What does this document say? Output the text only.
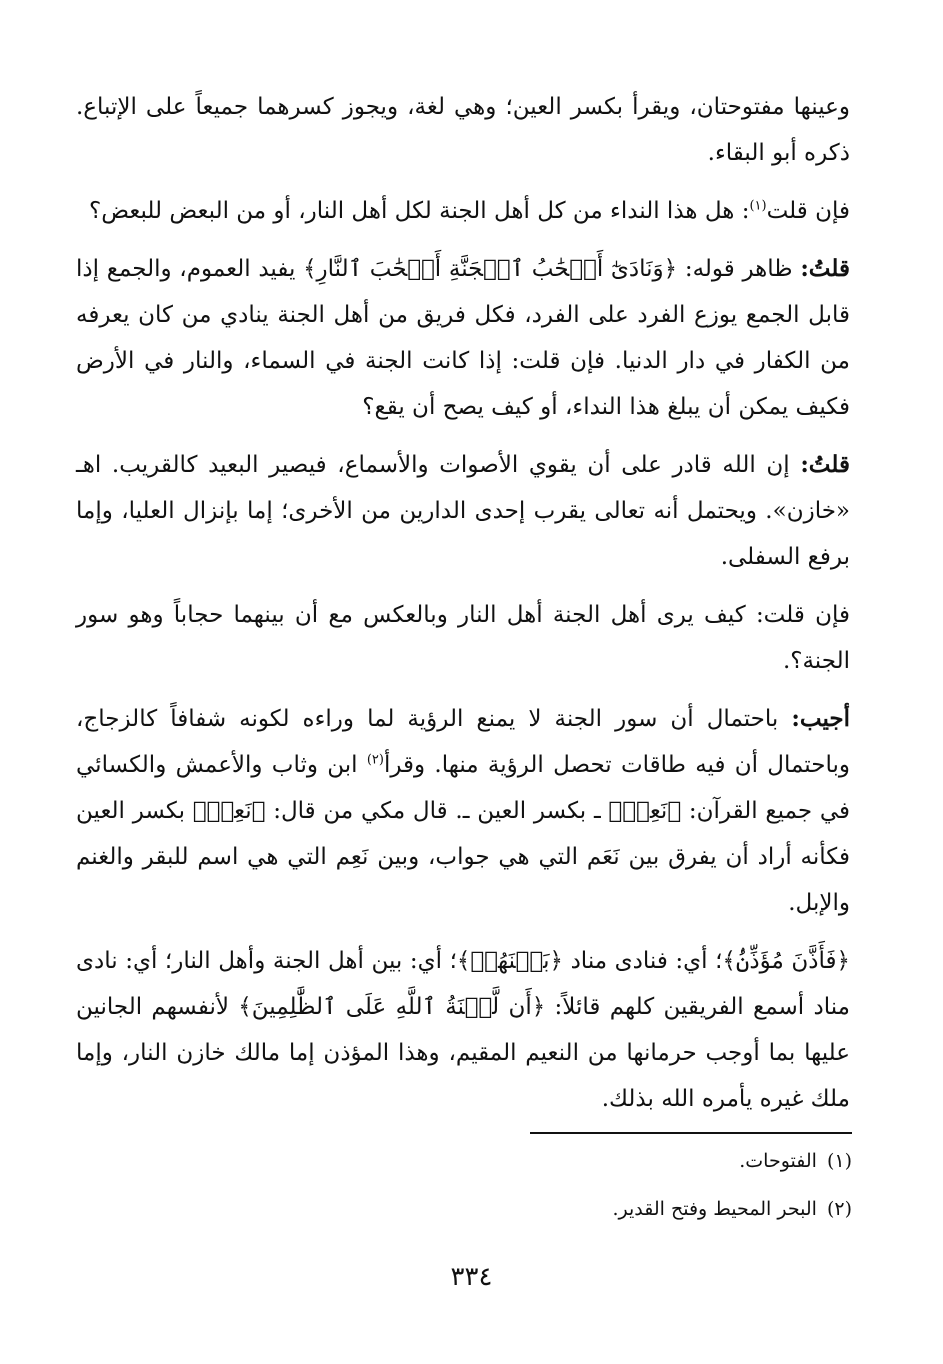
وعينها مفتوحتان، ويقرأ بكسر العين؛ وهي لغة، ويجوز كسرهما جميعاً على الإتباع. ذكره أبو البقاء.

فإن قلت$^{(١)}$: هل هذا النداء من كل أهل الجنة لكل أهل النار، أو من البعض للبعض؟

قلتُ: ظاهر قوله: ﴿وَنَادَىٰٓ أَصۡحَٰبُ ٱلۡجَنَّةِ أَصۡحَٰبَ ٱلنَّارِ﴾ يفيد العموم، والجمع إذا قابل الجمع يوزع الفرد على الفرد، فكل فريق من أهل الجنة ينادي من كان يعرفه من الكفار في دار الدنيا. فإن قلت: إذا كانت الجنة في السماء، والنار في الأرض فكيف يمكن أن يبلغ هذا النداء، أو كيف يصح أن يقع؟

قلتُ: إن الله قادر على أن يقوي الأصوات والأسماع، فيصير البعيد كالقريب. اهـ «خازن». ويحتمل أنه تعالى يقرب إحدى الدارين من الأخرى؛ إما بإنزال العليا، وإما برفع السفلى.

فإن قلت: كيف يرى أهل الجنة أهل النار وبالعكس مع أن بينهما حجاباً وهو سور الجنة؟.

أجيب: باحتمال أن سور الجنة لا يمنع الرؤية لما وراءه لكونه شفافاً كالزجاج، وباحتمال أن فيه طاقات تحصل الرؤية منها. وقرأ$^{(٢)}$ ابن وثاب والأعمش والكسائي في جميع القرآن: ﴿نَعِمۡ﴾ ـ بكسر العين ـ. قال مكي من قال: ﴿نَعِمۡ﴾ بكسر العين فكأنه أراد أن يفرق بين نَعَم التي هي جواب، وبين نَعِم التي هي اسم للبقر والغنم والإبل.

﴿فَأَذَّنَ مُؤَذِّنُۢ﴾؛ أي: فنادى مناد ﴿بَيۡنَهُمۡ﴾؛ أي: بين أهل الجنة وأهل النار؛ أي: نادى مناد أسمع الفريقين كلهم قائلاً: ﴿أَن لَّعۡنَةُ ٱللَّهِ عَلَى ٱلظَّٰلِمِينَ﴾ لأنفسهم الجانين عليها بما أوجب حرمانها من النعيم المقيم، وهذا المؤذن إما مالك خازن النار، وإما ملك غيره يأمره الله بذلك.

(١)الفتوحات.
(٢)البحر المحيط وفتح القدير.
٣٣٤
